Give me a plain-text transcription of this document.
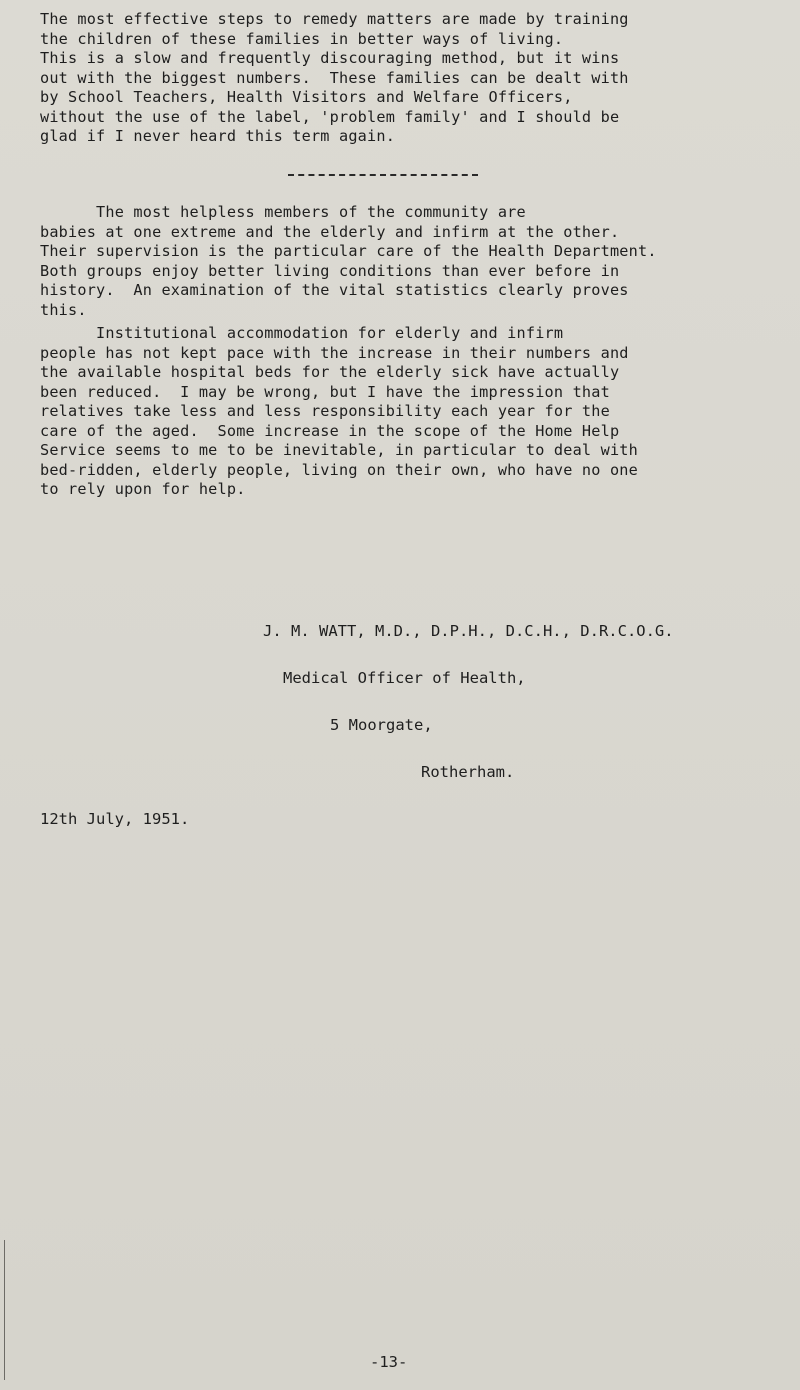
The most effective steps to remedy matters are made by training
the children of these families in better ways of living.
This is a slow and frequently discouraging method, but it wins
out with the biggest numbers.  These families can be dealt with
by School Teachers, Health Visitors and Welfare Officers,
without the use of the label, 'problem family' and I should be
glad if I never heard this term again.

The most helpless members of the community are
babies at one extreme and the elderly and infirm at the other.
Their supervision is the particular care of the Health Department.
Both groups enjoy better living conditions than ever before in
history.  An examination of the vital statistics clearly proves
this.

Institutional accommodation for elderly and infirm
people has not kept pace with the increase in their numbers and
the available hospital beds for the elderly sick have actually
been reduced.  I may be wrong, but I have the impression that
relatives take less and less responsibility each year for the
care of the aged.  Some increase in the scope of the Home Help
Service seems to me to be inevitable, in particular to deal with
bed-ridden, elderly people, living on their own, who have no one
to rely upon for help.

J. M. WATT, M.D., D.P.H., D.C.H., D.R.C.O.G.
Medical Officer of Health,
5 Moorgate,
Rotherham.
12th July, 1951.
-13-
